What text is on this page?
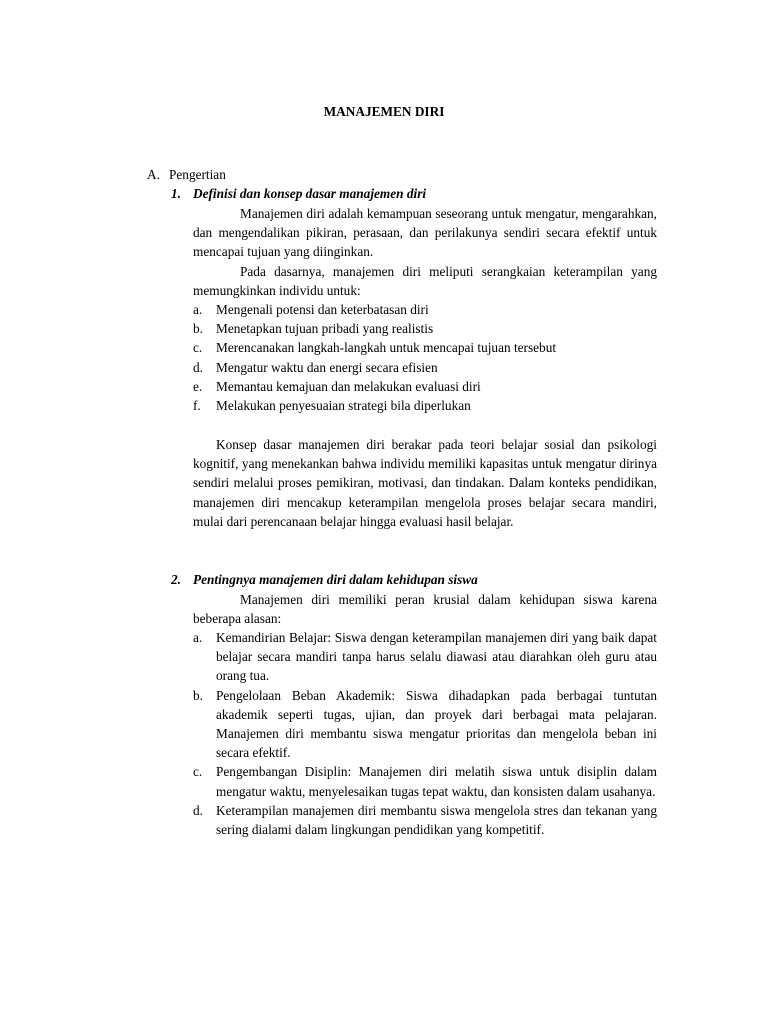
MANAJEMEN DIRI
A. Pengertian
1. Definisi dan konsep dasar manajemen diri

Manajemen diri adalah kemampuan seseorang untuk mengatur, mengarahkan, dan mengendalikan pikiran, perasaan, dan perilakunya sendiri secara efektif untuk mencapai tujuan yang diinginkan.

Pada dasarnya, manajemen diri meliputi serangkaian keterampilan yang memungkinkan individu untuk:

a.	Mengenali potensi dan keterbatasan diri
b. Menetapkan tujuan pribadi yang realistis
c.	Merencanakan langkah-langkah untuk mencapai tujuan tersebut
d. Mengatur waktu dan energi secara efisien
e.	Memantau kemajuan dan melakukan evaluasi diri
f.	Melakukan penyesuaian strategi bila diperlukan

Konsep dasar manajemen diri berakar pada teori belajar sosial dan psikologi kognitif, yang menekankan bahwa individu memiliki kapasitas untuk mengatur dirinya sendiri melalui proses pemikiran, motivasi, dan tindakan. Dalam konteks pendidikan, manajemen diri mencakup keterampilan mengelola proses belajar secara mandiri, mulai dari perencanaan belajar hingga evaluasi hasil belajar.

2. Pentingnya manajemen diri dalam kehidupan siswa

Manajemen diri memiliki peran krusial dalam kehidupan siswa karena beberapa alasan:

a.	Kemandirian Belajar: Siswa dengan keterampilan manajemen diri yang baik dapat belajar secara mandiri tanpa harus selalu diawasi atau diarahkan oleh guru atau orang tua.
b. Pengelolaan Beban Akademik: Siswa dihadapkan pada berbagai tuntutan akademik seperti tugas, ujian, dan proyek dari berbagai mata pelajaran. Manajemen diri membantu siswa mengatur prioritas dan mengelola beban ini secara efektif.
c.	Pengembangan Disiplin: Manajemen diri melatih siswa untuk disiplin dalam mengatur waktu, menyelesaikan tugas tepat waktu, dan konsisten dalam usahanya.
d. Keterampilan manajemen diri membantu siswa mengelola stres dan tekanan yang sering dialami dalam lingkungan pendidikan yang kompetitif.
